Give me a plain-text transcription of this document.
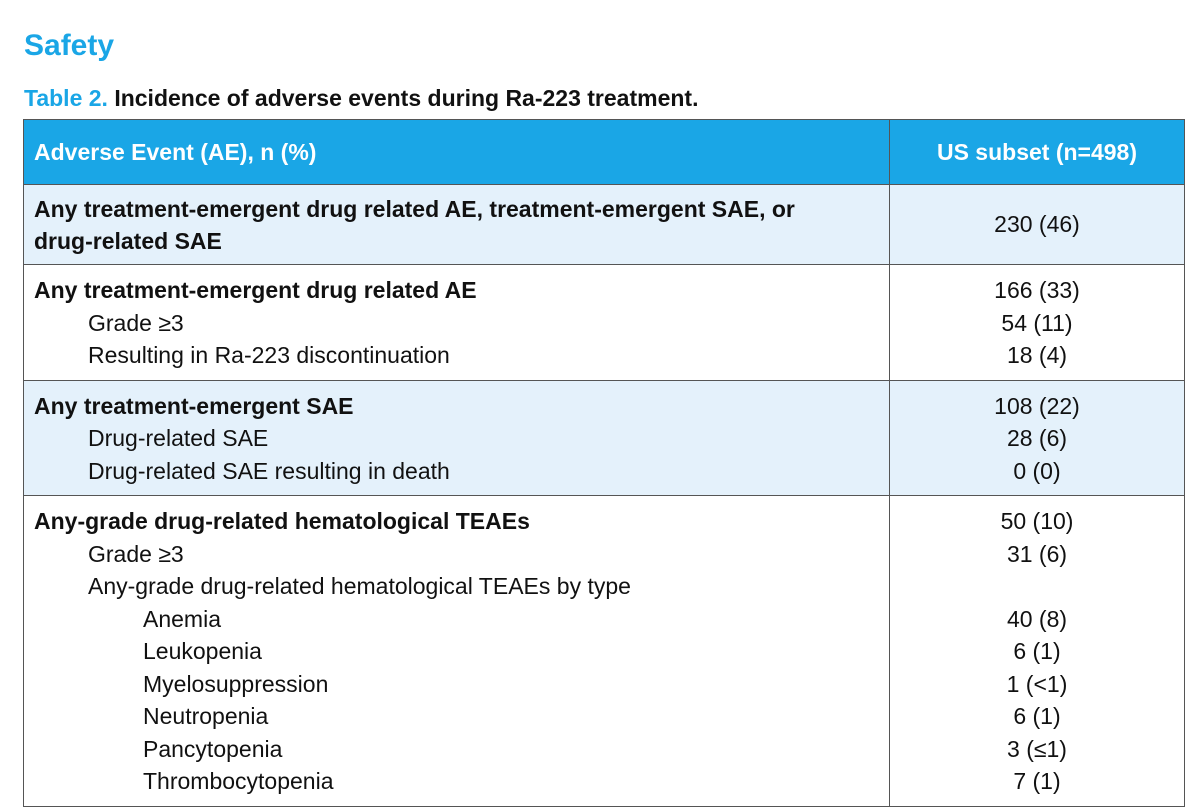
Safety
Table 2. Incidence of adverse events during Ra-223 treatment.
Adverse Event (AE), n (%)	US subset (n=498)
Any treatment-emergent drug related AE, treatment-emergent SAE, or
drug-related SAE
230 (46)
Any treatment-emergent drug related AE
Grade ≥3
Resulting in Ra-223 discontinuation
166 (33)
54 (11)
18 (4)
Any treatment-emergent SAE
Drug-related SAE
Drug-related SAE resulting in death
108 (22)
28 (6)
0 (0)
Any-grade drug-related hematological TEAEs
Grade ≥3
Any-grade drug-related hematological TEAEs by type
Anemia
Leukopenia
Myelosuppression
Neutropenia
Pancytopenia
Thrombocytopenia
50 (10)
31 (6)
40 (8)
6 (1)
1 (<1)
6 (1)
3 (≤1)
7 (1)
